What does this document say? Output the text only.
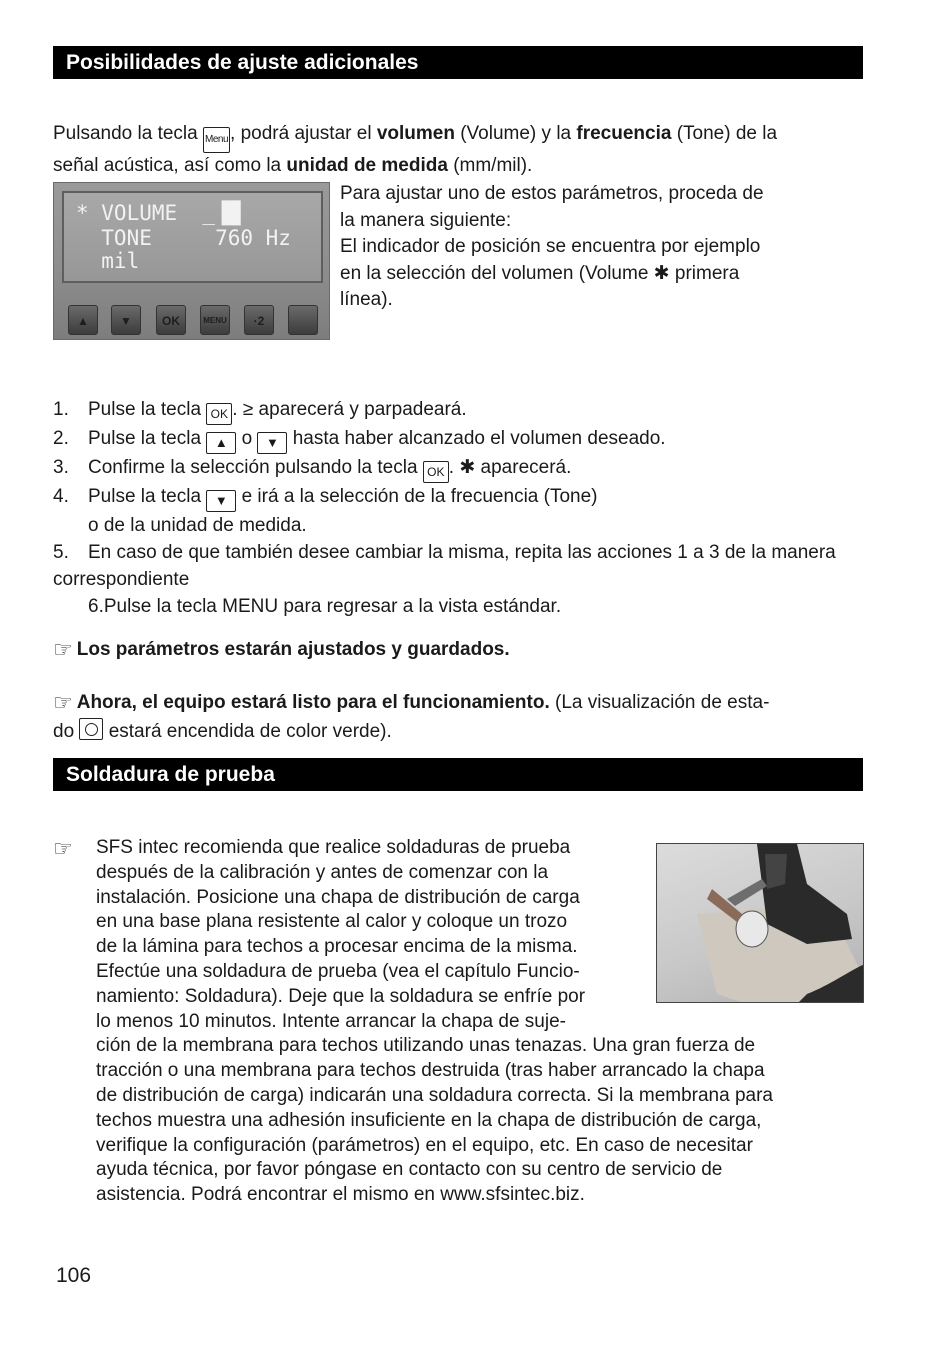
Posibilidades de ajuste adicionales
Pulsando la tecla Menu , podrá ajustar el volumen (Volume) y la frecuencia (Tone) de la
señal acústica, así como la unidad de medida (mm/mil).
* VOLUME  _▐█
TONE     760 Hz
mil
▲	▼	OK	MENU	·2
Para ajustar uno de estos parámetros, proceda de
la manera siguiente:
El indicador de posición se encuentra por ejemplo
en la selección del volumen (Volume ✱ primera
línea).
1. Pulse la tecla OK . ≥ aparecerá y parpadeará.
2. Pulse la tecla ▲ o ▼ hasta haber alcanzado el volumen deseado.
3. Confirme la selección pulsando la tecla OK . ✱ aparecerá.
4. Pulse la tecla ▼ e irá a la selección de la frecuencia (Tone)
o de la unidad de medida.
5. En caso de que también desee cambiar la misma, repita las acciones 1 a 3 de la manera
correspondiente
6.Pulse la tecla MENU para regresar a la vista estándar.
☞ Los parámetros estarán ajustados y guardados.
☞ Ahora, el equipo estará listo para el funcionamiento. (La visualización de esta-
do  estará encendida de color verde).
Soldadura de prueba
☞ SFS intec recomienda que realice soldaduras de prueba
después de la calibración y antes de comenzar con la
instalación. Posicione una chapa de distribución de carga
en una base plana resistente al calor y coloque un trozo
de la lámina para techos a procesar encima de la misma.
Efectúe una soldadura de prueba (vea el capítulo Funcio-
namiento: Soldadura). Deje que la soldadura se enfríe por
lo menos 10 minutos. Intente arrancar la chapa de suje-
ción de la membrana para techos utilizando unas tenazas. Una gran fuerza de
tracción o una membrana para techos destruida (tras haber arrancado la chapa
de distribución de carga) indicarán una soldadura correcta. Si la membrana para
techos muestra una adhesión insuficiente en la chapa de distribución de carga,
verifique la configuración (parámetros) en el equipo, etc. En caso de necesitar
ayuda técnica, por favor póngase en contacto con su centro de servicio de
asistencia. Podrá encontrar el mismo en www.sfsintec.biz.
106
